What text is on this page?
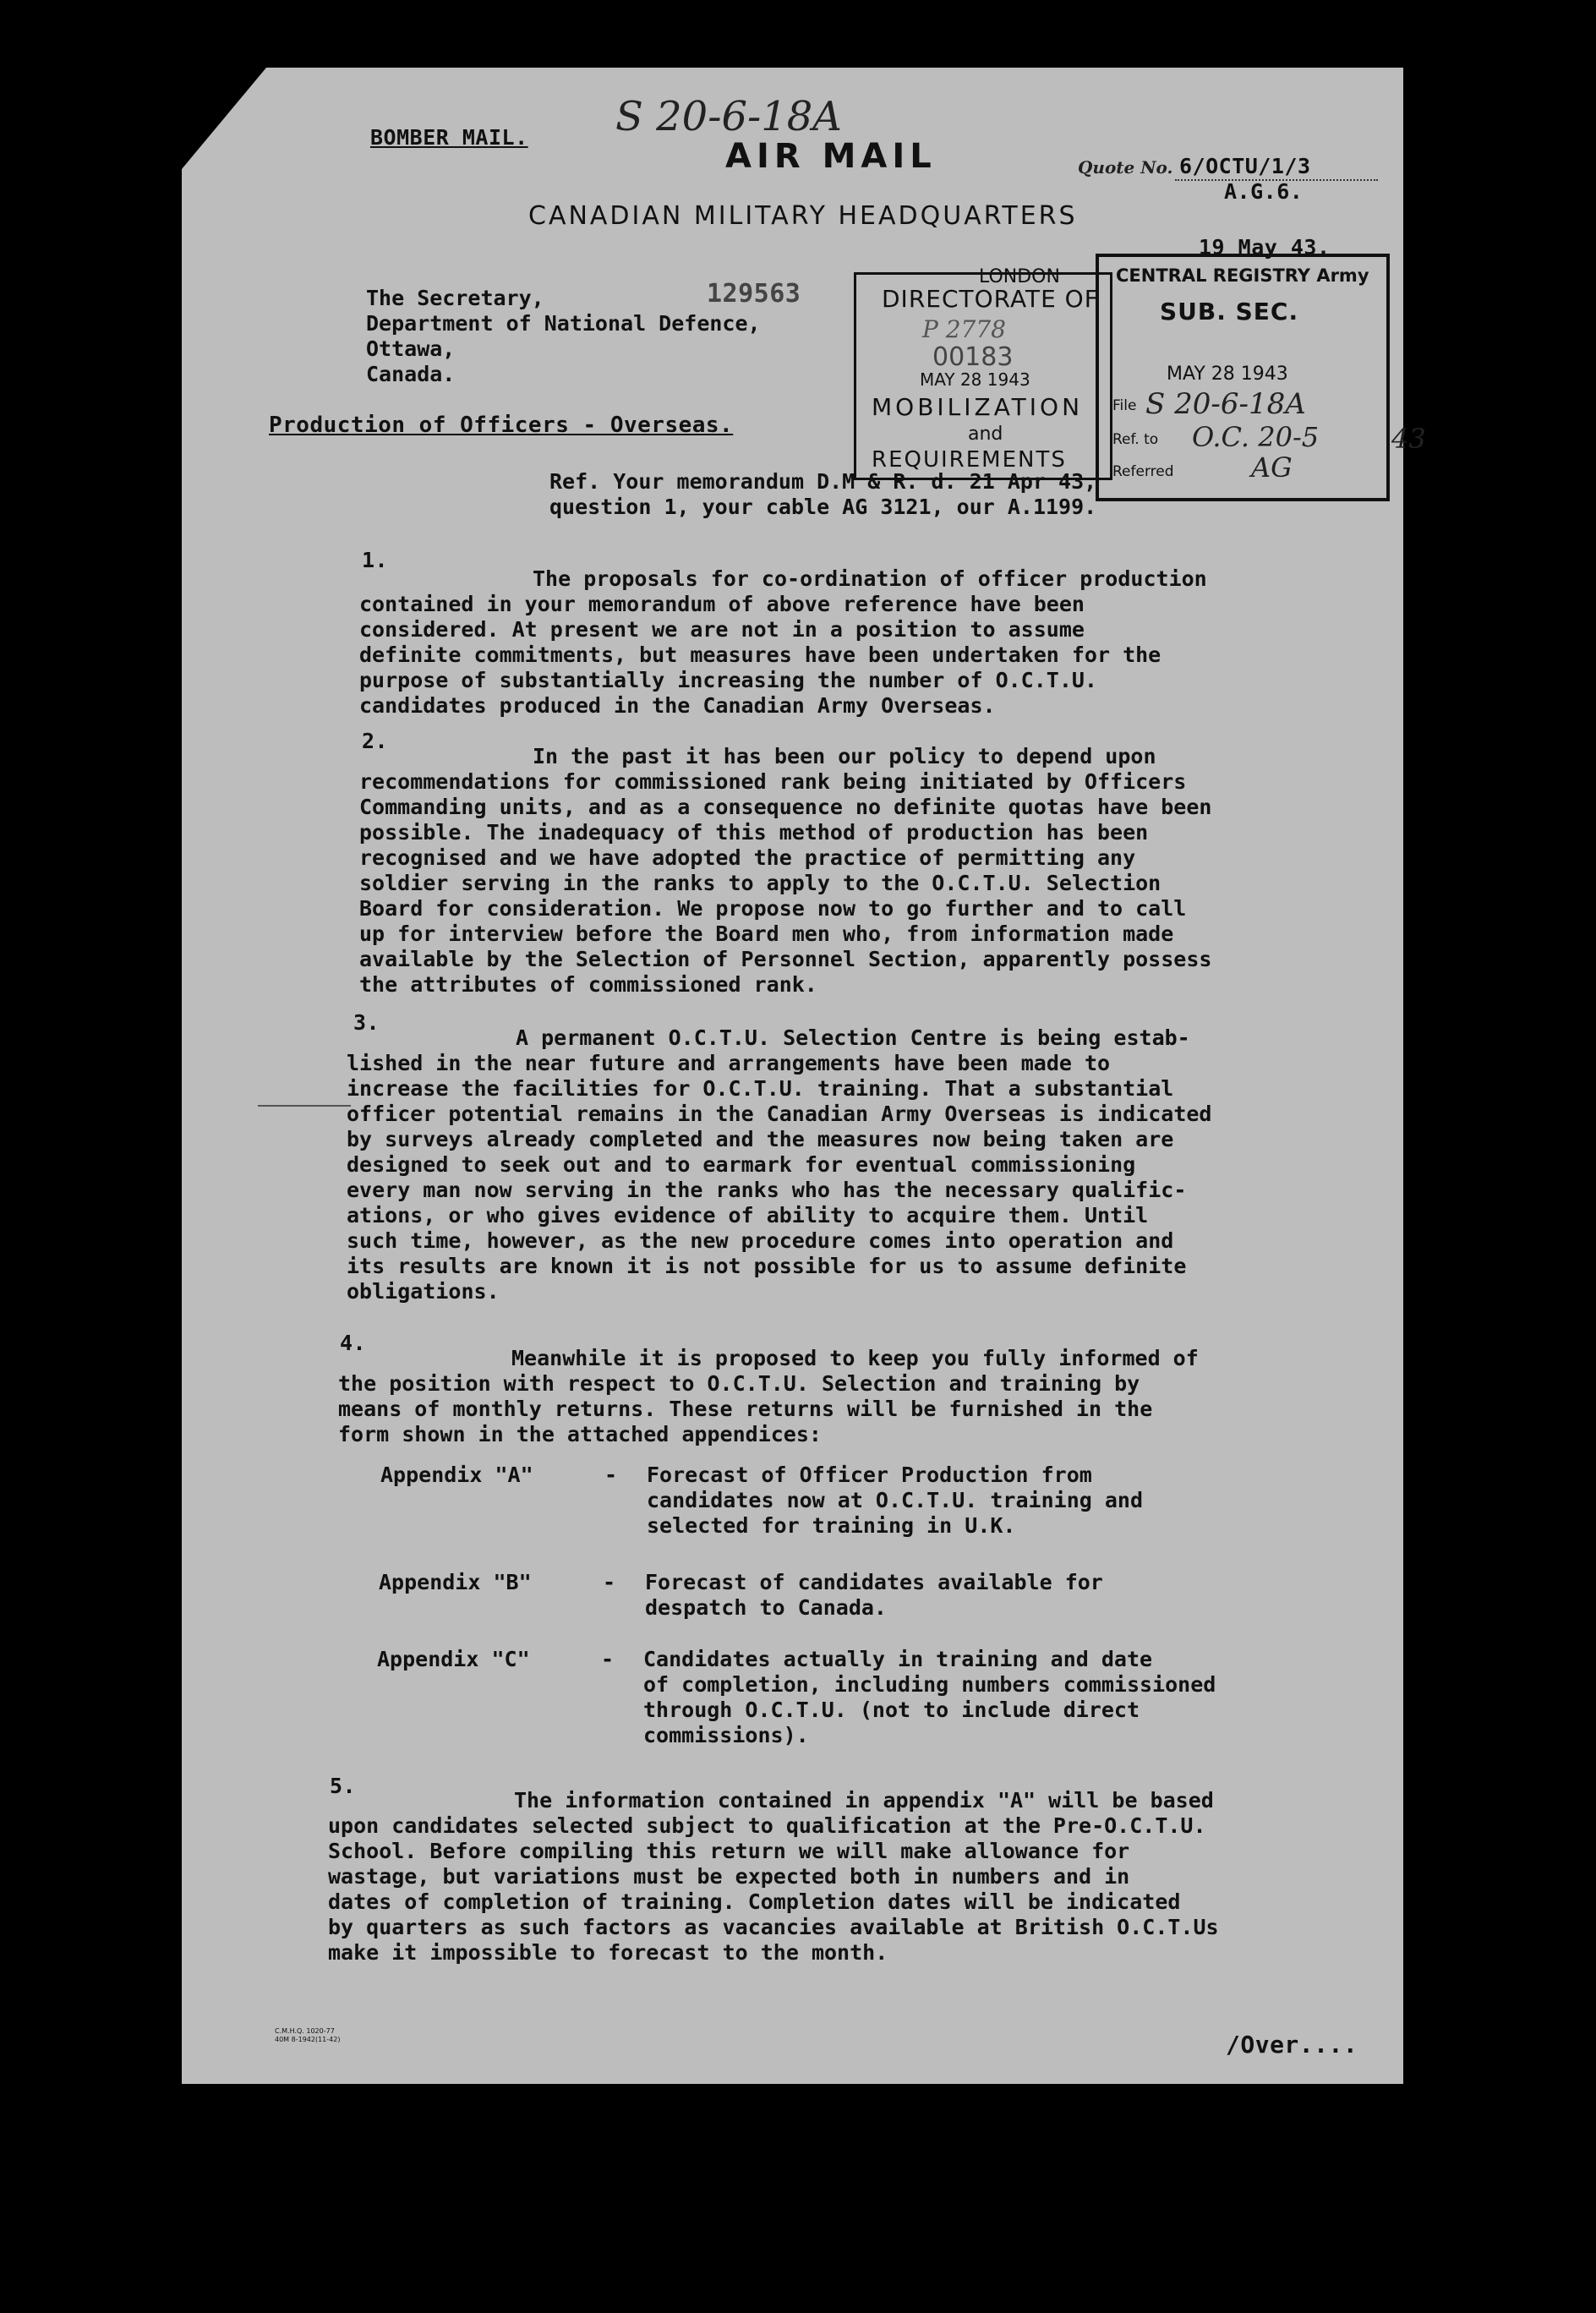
BOMBER MAIL. S 20-6-18A
AIR MAIL	Quote No. 6/OCTU/1/3
A.G.6.
CANADIAN MILITARY HEADQUARTERS
LONDON
19 May 43.
129563
The Secretary,
Department of National Defence,
Ottawa,
Canada.
DIRECTORATE OF
P 2778
00183
MAY 28 1943
MOBILIZATION
and
REQUIREMENTS
CENTRAL REGISTRY Army
SUB. SEC.
MAY 28 1943
File S 20-6-18A
Ref. to O.C. 20-5
Referred	AG
43
Production of Officers - Overseas.
Ref. Your memorandum D.M & R. d. 21 Apr 43,
question 1, your cable AG 3121, our A.1199.
1.
The proposals for co-ordination of officer production
contained in your memorandum of above reference have been
considered. At present we are not in a position to assume
definite commitments, but measures have been undertaken for the
purpose of substantially increasing the number of O.C.T.U.
candidates produced in the Canadian Army Overseas.
2.
In the past it has been our policy to depend upon
recommendations for commissioned rank being initiated by Officers
Commanding units, and as a consequence no definite quotas have been
possible. The inadequacy of this method of production has been
recognised and we have adopted the practice of permitting any
soldier serving in the ranks to apply to the O.C.T.U. Selection
Board for consideration. We propose now to go further and to call
up for interview before the Board men who, from information made
available by the Selection of Personnel Section, apparently possess
the attributes of commissioned rank.
3.
A permanent O.C.T.U. Selection Centre is being estab-
lished in the near future and arrangements have been made to
increase the facilities for O.C.T.U. training. That a substantial
officer potential remains in the Canadian Army Overseas is indicated
by surveys already completed and the measures now being taken are
designed to seek out and to earmark for eventual commissioning
every man now serving in the ranks who has the necessary qualific-
ations, or who gives evidence of ability to acquire them. Until
such time, however, as the new procedure comes into operation and
its results are known it is not possible for us to assume definite
obligations.
4.
Meanwhile it is proposed to keep you fully informed of
the position with respect to O.C.T.U. Selection and training by
means of monthly returns. These returns will be furnished in the
form shown in the attached appendices:
Appendix "A"	- Forecast of Officer Production from
candidates now at O.C.T.U. training and
selected for training in U.K.
Appendix "B"	- Forecast of candidates available for
despatch to Canada.
Appendix "C"	- Candidates actually in training and date
of completion, including numbers commissioned
through O.C.T.U. (not to include direct
commissions).
5.
The information contained in appendix "A" will be based
upon candidates selected subject to qualification at the Pre-O.C.T.U.
School. Before compiling this return we will make allowance for
wastage, but variations must be expected both in numbers and in
dates of completion of training. Completion dates will be indicated
by quarters as such factors as vacancies available at British O.C.T.Us
make it impossible to forecast to the month.
C.M.H.Q. 1020-77
40M 8-1942(11-42)	/Over....
